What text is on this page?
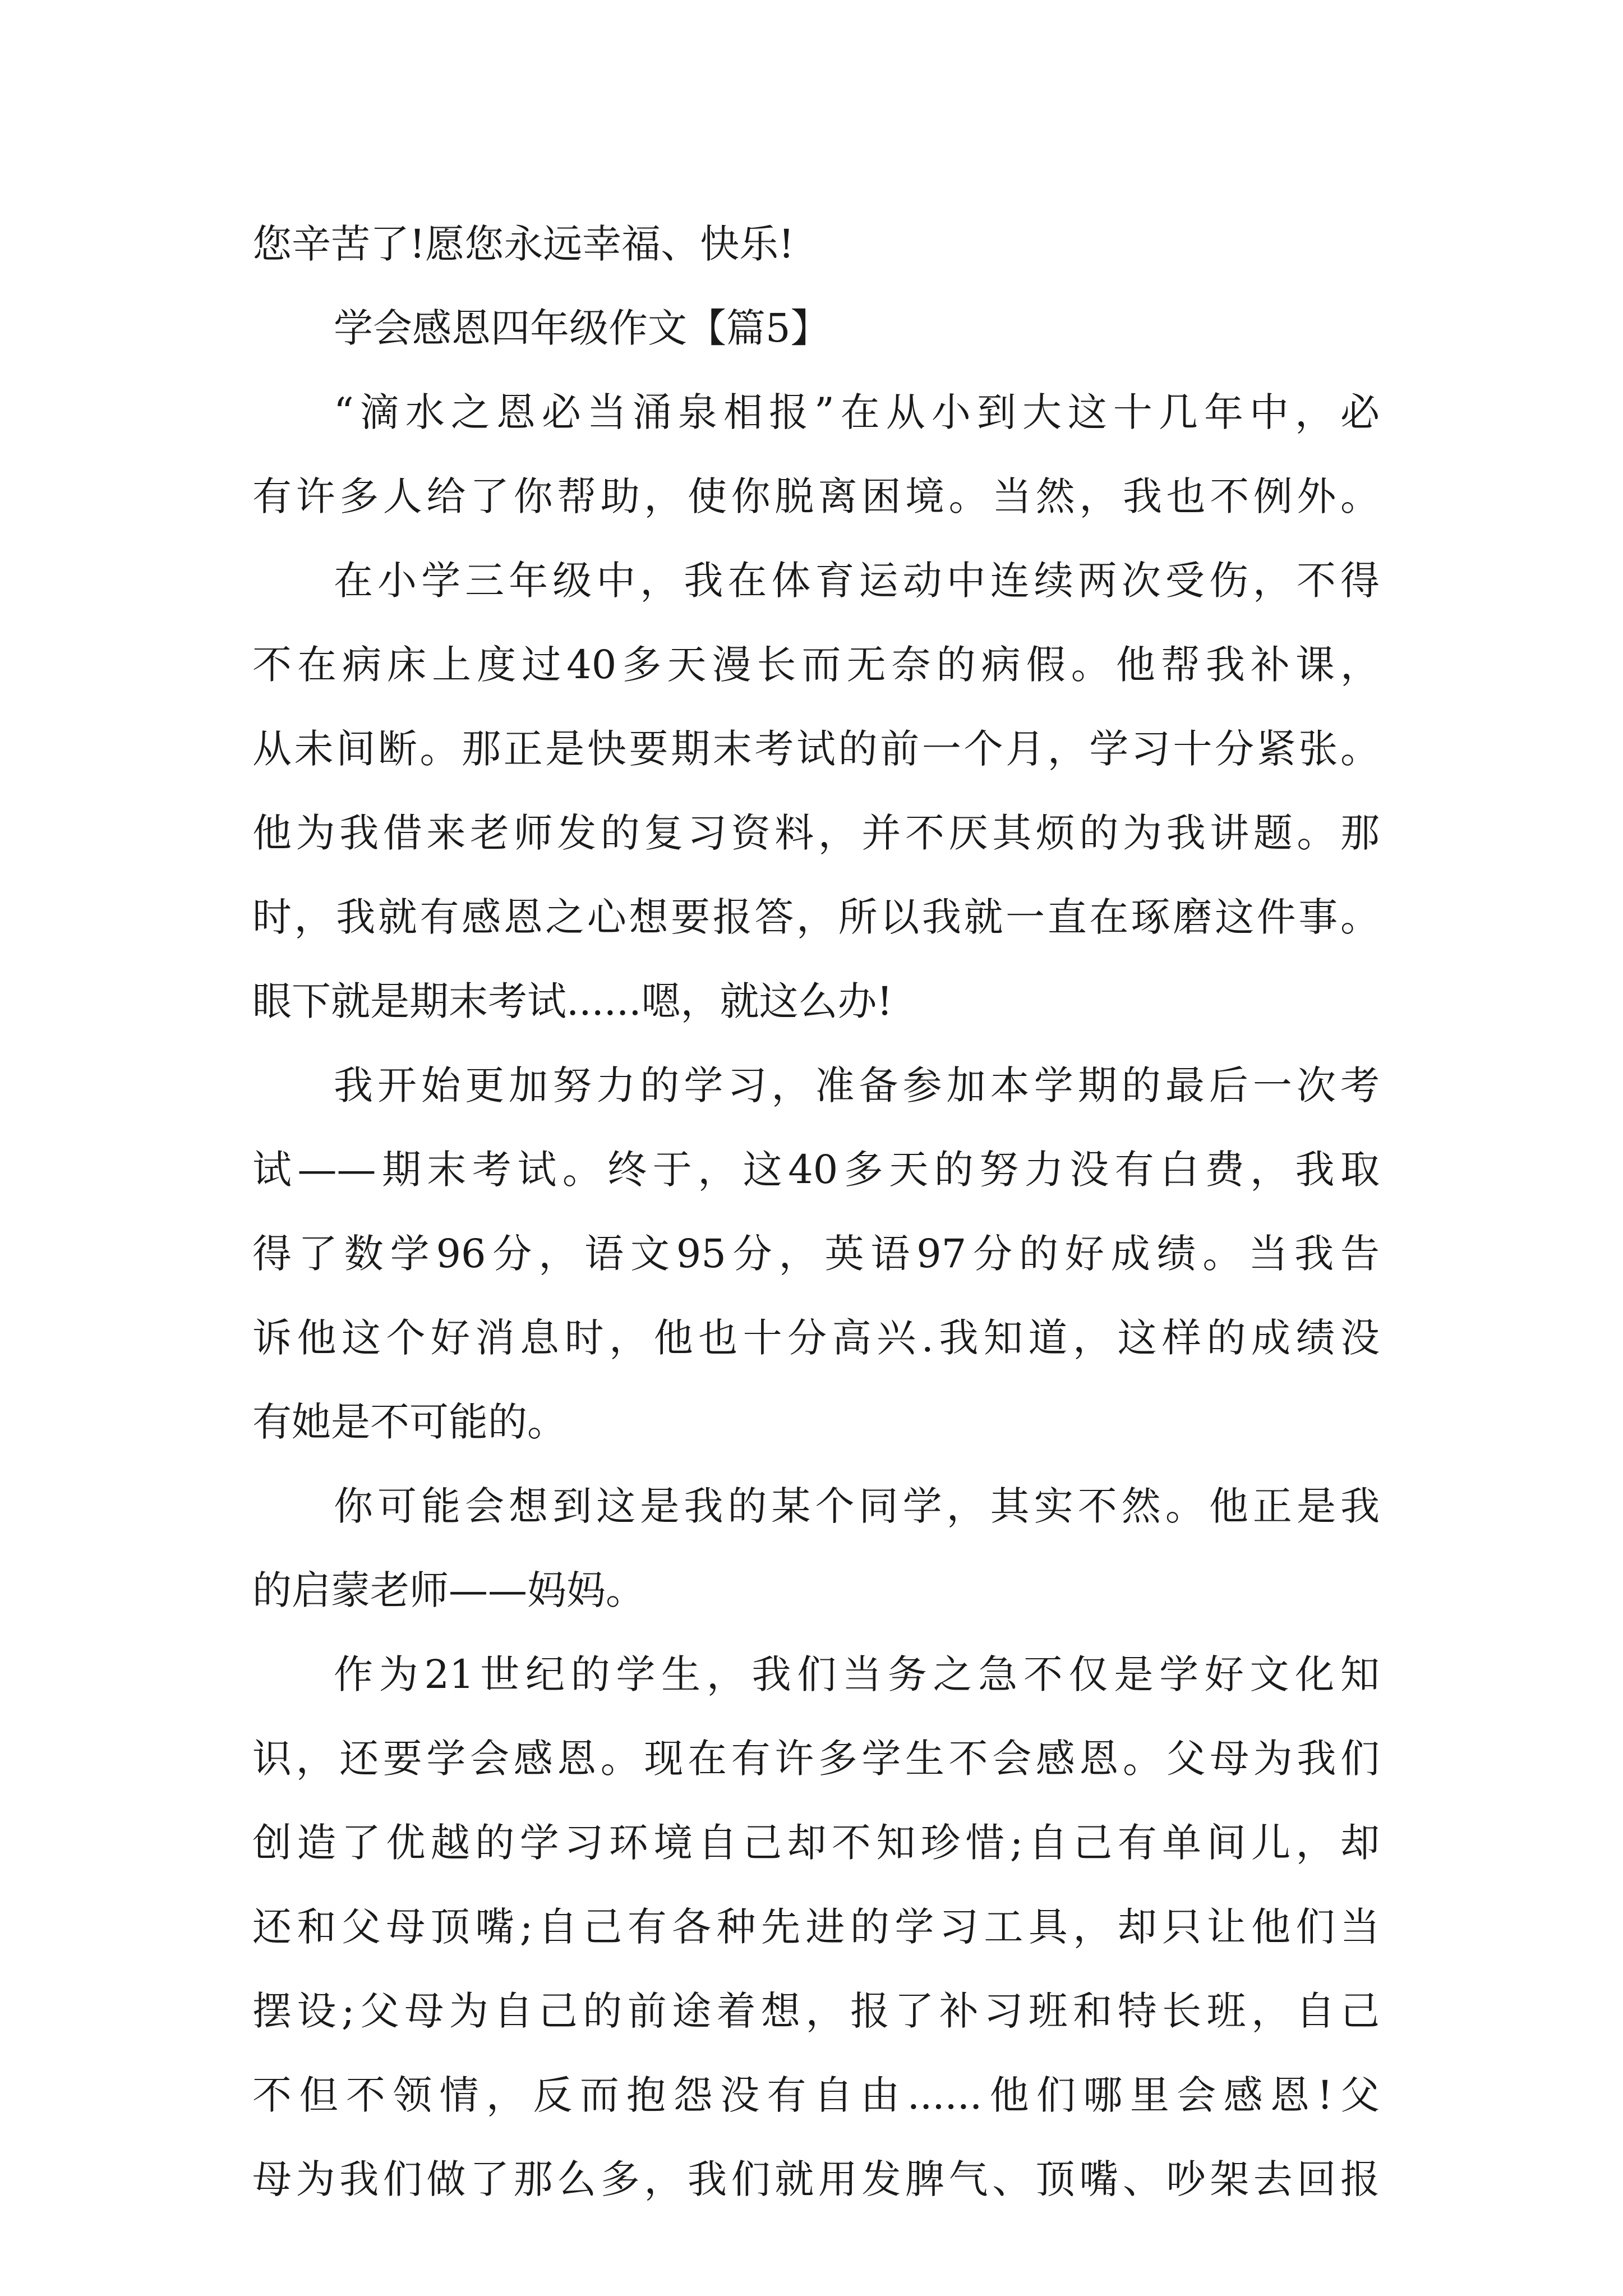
您辛苦了!愿您永远幸福、快乐!

学会感恩四年级作文【篇5】

“滴水之恩必当涌泉相报”在从小到大这十几年中，必

有许多人给了你帮助，使你脱离困境。当然，我也不例外。

在小学三年级中，我在体育运动中连续两次受伤，不得

不在病床上度过40多天漫长而无奈的病假。他帮我补课，

从未间断。那正是快要期末考试的前一个月，学习十分紧张。

他为我借来老师发的复习资料，并不厌其烦的为我讲题。那

时，我就有感恩之心想要报答，所以我就一直在琢磨这件事。

眼下就是期末考试......嗯，就这么办!

我开始更加努力的学习，准备参加本学期的最后一次考

试——期末考试。终于，这40多天的努力没有白费，我取

得了数学96分，语文95分，英语97分的好成绩。当我告

诉他这个好消息时，他也十分高兴.我知道，这样的成绩没

有她是不可能的。

你可能会想到这是我的某个同学，其实不然。他正是我

的启蒙老师——妈妈。

作为21世纪的学生，我们当务之急不仅是学好文化知

识，还要学会感恩。现在有许多学生不会感恩。父母为我们

创造了优越的学习环境自己却不知珍惜;自己有单间儿，却

还和父母顶嘴;自己有各种先进的学习工具，却只让他们当

摆设;父母为自己的前途着想，报了补习班和特长班，自己

不但不领情，反而抱怨没有自由......他们哪里会感恩!父

母为我们做了那么多，我们就用发脾气、顶嘴、吵架去回报
